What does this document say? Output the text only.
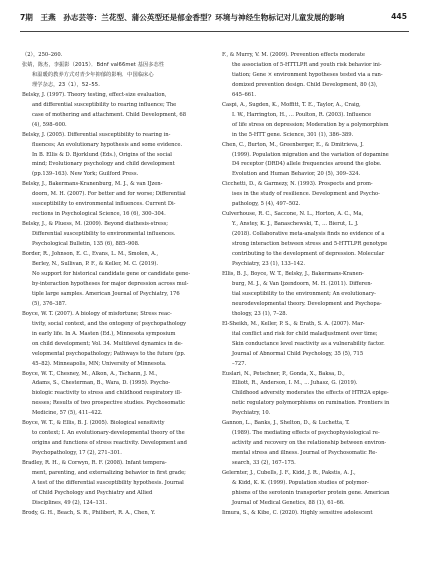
7期 王燕　孙志芸等：兰花型、蒲公英型还是郁金香型？环境与神经生物标记对儿童发展的影响	445
（2），250–260.
张婧，陈杰，李振影（2015）．Bdnf val66met 基因多态性
和温暖的教养方式对青少年抑郁的影响．中国临床心
理学杂志，23（1），52–55.
Belsky, J. (1997). Theory testing, effect-size evaluation,
and differential susceptibility to rearing influence; The
case of mothering and attachment. Child Development, 68
(4), 598–600.
Belsky, J. (2005). Differential susceptibility to rearing in-
fluences; An evolutionary hypothesis and some evidence.
In B. Ellis & D. Bjorklund (Eds.), Origins of the social
mind; Evolutionary psychology and child development
(pp.139–163). New York; Guilford Press.
Belsky, J., Bakermans-Kranenburg, M. J., & van IJzen-
doorn, M. H. (2007). For better and for worse; Differential
susceptibility to environmental influences. Current Di-
rections in Psychological Science, 16 (6), 300–304.
Belsky, J., & Pluess, M. (2009). Beyond diathesis-stress;
Differential susceptibility to environmental influences.
Psychological Bulletin, 135 (6), 885–908.
Border, R., Johnson, E. C., Evans, L. M., Smolen, A.,
Berley, N., Sullivan, P. F., & Keller, M. C. (2019).
No support for historical candidate gene or candidate gene-
by-interaction hypotheses for major depression across mul-
tiple large samples. American Journal of Psychiatry, 176
(5), 376–387.
Boyce, W. T. (2007). A biology of misfortune; Stress reac-
tivity, social context, and the ontogeny of psychopathology
in early life. In A. Masten (Ed.), Minnesota symposium
on child development; Vol. 34. Multilevel dynamics in de-
velopmental psychopathology; Pathways to the future (pp.
45–82). Minneapolis, MN; University of Minnesota.
Boyce, W. T., Chesney, M., Alkon, A., Tschann, J. M.,
Adams, S., Chesterman, B., Wara, D. (1995). Psycho-
biologic reactivity to stress and childhood respiratory ill-
nesses; Results of two prospective studies. Psychosomatic
Medicine, 57 (5), 411–422.
Boyce, W. T., & Ellis, B. J. (2005). Biological sensitivity
to context; I. An evolutionary-developmental theory of the
origins and functions of stress reactivity. Development and
Psychopathology, 17 (2), 271–301.
Bradley, R. H., & Corwyn, R. F. (2008). Infant tempera-
ment, parenting, and externalizing behavior in first grade;
A test of the differential susceptibility hypothesis. Journal
of Child Psychology and Psychiatry and Allied
Disciplines, 49 (2), 124–131.
Brody, G. H., Beach, S. R., Philibert, R. A., Chen, Y.
F., & Murry, V. M. (2009). Prevention effects moderate
the association of 5-HTTLPR and youth risk behavior ini-
tiation; Gene × environment hypotheses tested via a ran-
domized prevention design. Child Development, 80 (3),
645–661.
Caspi, A., Sugden, K., Moffitt, T. E., Taylor, A., Craig,
I. W., Harrington, H., ... Poulton, R. (2003). Influence
of life stress on depression; Moderation by a polymorphism
in the 5-HTT gene. Science, 301 (1), 386–389.
Chen, C., Burton, M., Greenberger, E., & Dmitrieva, J.
(1999). Population migration and the variation of dopamine
D4 receptor (DRD4) allele frequencies around the globe.
Evolution and Human Behavior, 20 (5), 309–324.
Cicchetti, D., & Garmezy, N. (1993). Prospects and prom-
ises in the study of resilience. Development and Psycho-
pathology, 5 (4), 497–502.
Culverhouse, R. C., Saccone, N. L., Horton, A. C., Ma,
Y., Anstey, K. J., Banaschewski, T., ... Bierut, L. J.
(2018). Collaborative meta-analysis finds no evidence of a
strong interaction between stress and 5-HTTLPR genotype
contributing to the development of depression. Molecular
Psychiatry, 23 (1), 133–142.
Ellis, B. J., Boyce, W. T., Belsky, J., Bakermans-Kranen-
burg, M. J., & Van Ijzendoorn, M. H. (2011). Differen-
tial susceptibility to the environment; An evolutionary-
neurodevelopmental theory. Development and Psychopa-
thology, 23 (1), 7–28.
El-Sheikh, M., Keller, P. S., & Erath, S. A. (2007). Mar-
ital conflict and risk for child maladjustment over time;
Skin conductance level reactivity as a vulnerability factor.
Journal of Abnormal Child Psychology, 35 (5), 715
–727.
Euslari, N., Petschner, P., Gonda, X., Baksa, D.,
Elliott, R., Anderson, I. M., ... Juhasz, G. (2019).
Childhood adversity moderates the effects of HTR2A epige-
netic regulatory polymorphisms on rumination. Frontiers in
Psychiatry, 10.
Gannon, L., Banks, J., Shelton, D., & Luchetta, T.
(1989). The mediating effects of psychophysiological re-
activity and recovery on the relationship between environ-
mental stress and illness. Journal of Psychosomatic Re-
search, 33 (2), 167–175.
Gelernter, J., Cubells, J. F., Kidd, J. R., Pakstis, A. J.,
& Kidd, K. K. (1999). Population studies of polymor-
phisms of the serotonin transporter protein gene. American
Journal of Medical Genetics, 88 (1), 61–66.
Iimura, S., & Kibe, C. (2020). Highly sensitive adolescent
